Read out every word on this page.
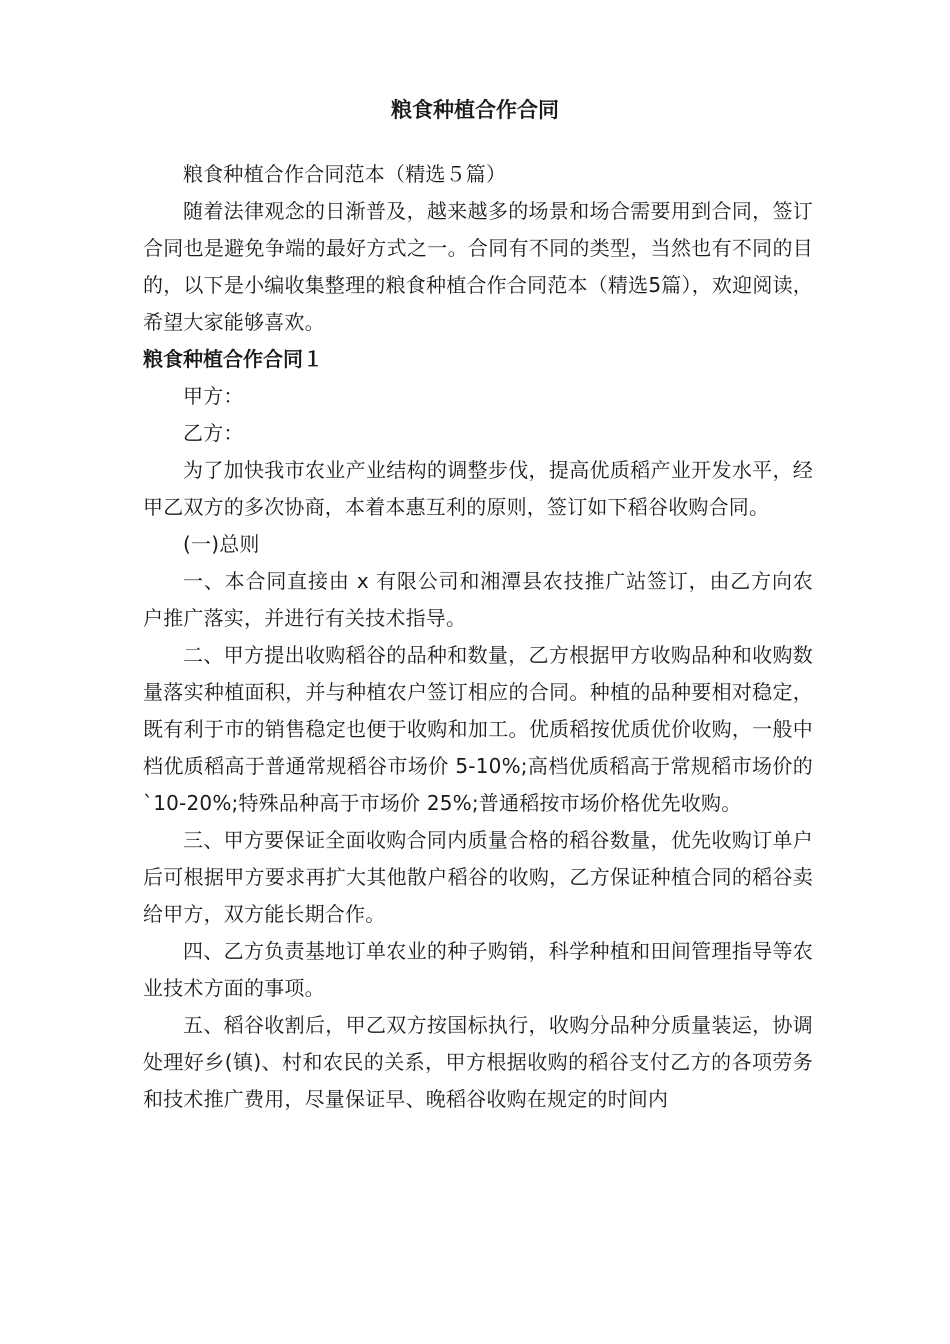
粮食种植合作合同

粮食种植合作合同范本（精选５篇）

随着法律观念的日渐普及，越来越多的场景和场合需要用到合同，签订合同也是避免争端的最好方式之一。合同有不同的类型，当然也有不同的目的，以下是小编收集整理的粮食种植合作合同范本（精选5篇），欢迎阅读，希望大家能够喜欢。

粮食种植合作合同１

甲方：

乙方：

为了加快我市农业产业结构的调整步伐，提高优质稻产业开发水平，经甲乙双方的多次协商，本着本惠互利的原则，签订如下稻谷收购合同。

(一)总则

一、本合同直接由 x 有限公司和湘潭县农技推广站签订，由乙方向农户推广落实，并进行有关技术指导。

二、甲方提出收购稻谷的品种和数量，乙方根据甲方收购品种和收购数量落实种植面积，并与种植农户签订相应的合同。种植的品种要相对稳定，既有利于市的销售稳定也便于收购和加工。优质稻按优质优价收购，一般中档优质稻高于普通常规稻谷市场价 5-10%;高档优质稻高于常规稻市场价的`10-20%;特殊品种高于市场价 25%;普通稻按市场价格优先收购。

三、甲方要保证全面收购合同内质量合格的稻谷数量，优先收购订单户后可根据甲方要求再扩大其他散户稻谷的收购，乙方保证种植合同的稻谷卖给甲方，双方能长期合作。

四、乙方负责基地订单农业的种子购销，科学种植和田间管理指导等农业技术方面的事项。

五、稻谷收割后，甲乙双方按国标执行，收购分品种分质量装运，协调处理好乡(镇)、村和农民的关系，甲方根据收购的稻谷支付乙方的各项劳务和技术推广费用，尽量保证早、晚稻谷收购在规定的时间内
